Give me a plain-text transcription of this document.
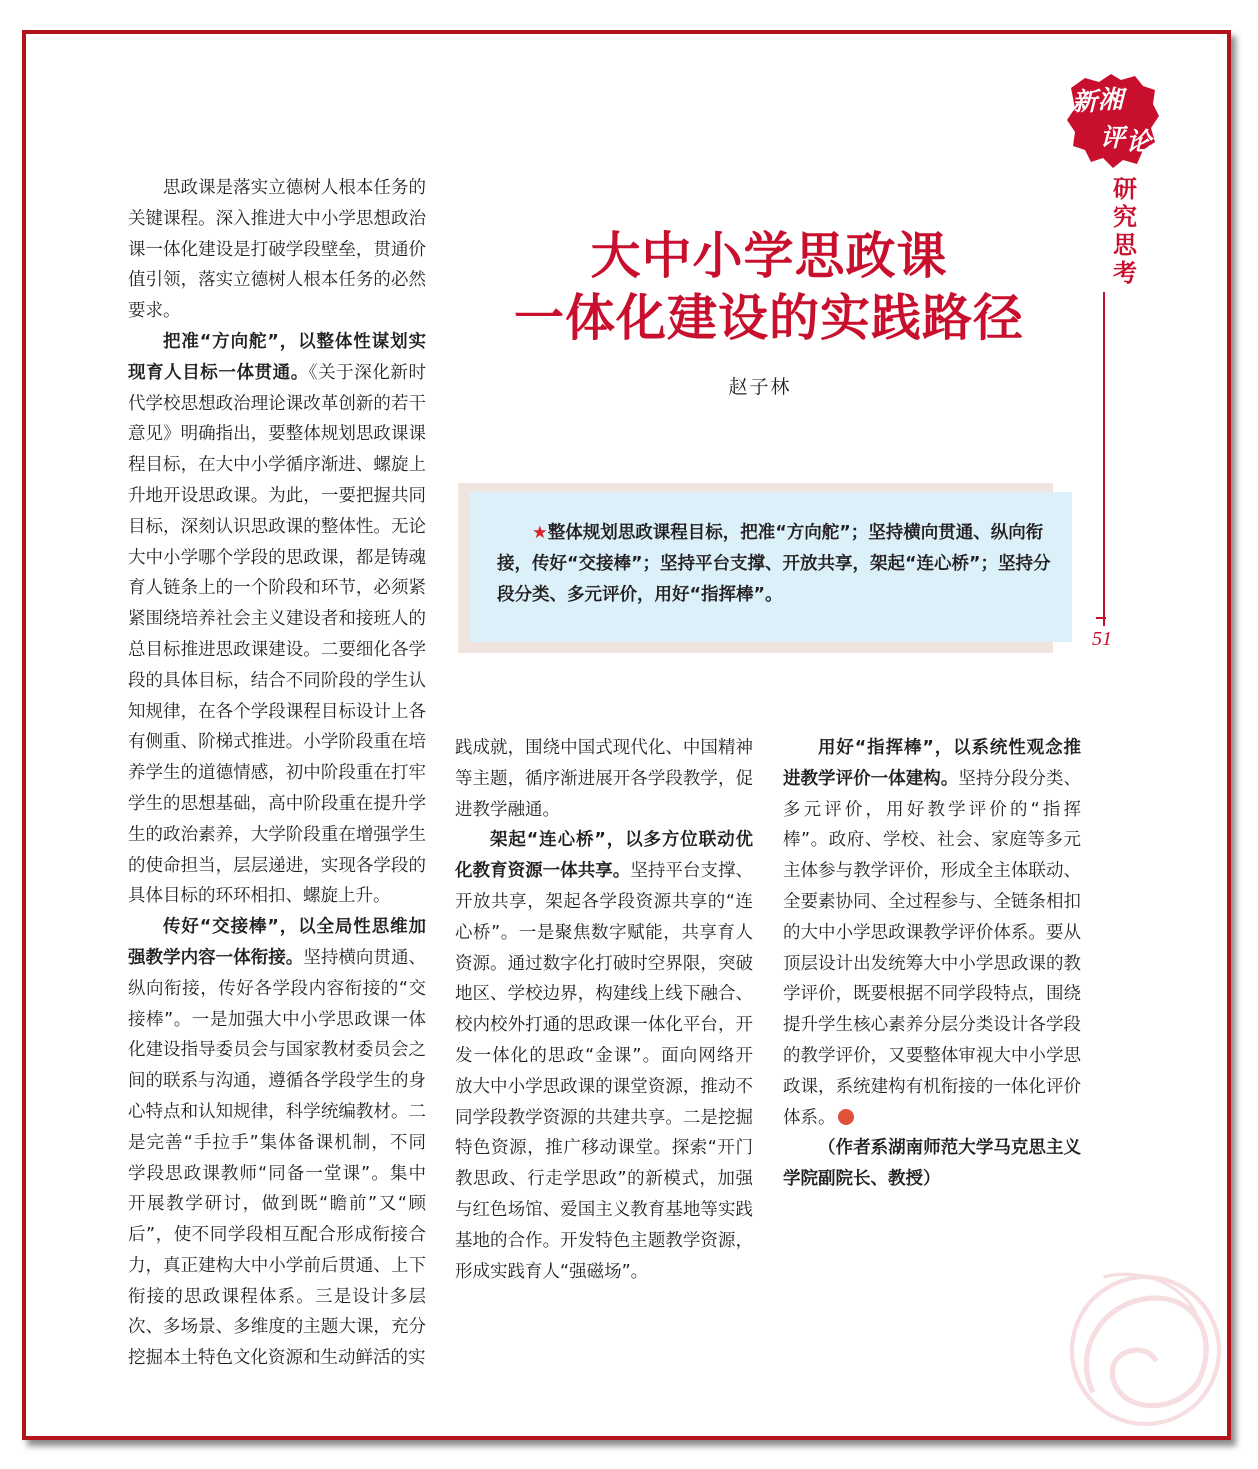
新 湘
评 论
研究思考
51
大中小学思政课
一体化建设的实践路径
赵子林
★整体规划思政课程目标，把准“方向舵”；坚持横向贯通、纵向衔接，传好“交接棒”；坚持平台支撑、开放共享，架起“连心桥”；坚持分段分类、多元评价，用好“指挥棒”。

思政课是落实立德树人根本任务的关键课程。深入推进大中小学思想政治课一体化建设是打破学段壁垒，贯通价值引领，落实立德树人根本任务的必然要求。

把准“方向舵”，以整体性谋划实现育人目标一体贯通。《关于深化新时代学校思想政治理论课改革创新的若干意见》明确指出，要整体规划思政课课程目标，在大中小学循序渐进、螺旋上升地开设思政课。为此，一要把握共同目标，深刻认识思政课的整体性。无论大中小学哪个学段的思政课，都是铸魂育人链条上的一个阶段和环节，必须紧紧围绕培养社会主义建设者和接班人的总目标推进思政课建设。二要细化各学段的具体目标，结合不同阶段的学生认知规律，在各个学段课程目标设计上各有侧重、阶梯式推进。小学阶段重在培养学生的道德情感，初中阶段重在打牢学生的思想基础，高中阶段重在提升学生的政治素养，大学阶段重在增强学生的使命担当，层层递进，实现各学段的具体目标的环环相扣、螺旋上升。

传好“交接棒”，以全局性思维加强教学内容一体衔接。坚持横向贯通、纵向衔接，传好各学段内容衔接的“交接棒”。一是加强大中小学思政课一体化建设指导委员会与国家教材委员会之间的联系与沟通，遵循各学段学生的身心特点和认知规律，科学统编教材。二是完善“手拉手”集体备课机制，不同学段思政课教师“同备一堂课”。集中开展教学研讨，做到既“瞻前”又“顾后”，使不同学段相互配合形成衔接合力，真正建构大中小学前后贯通、上下衔接的思政课程体系。三是设计多层次、多场景、多维度的主题大课，充分挖掘本土特色文化资源和生动鲜活的实

践成就，围绕中国式现代化、中国精神等主题，循序渐进展开各学段教学，促进教学融通。

架起“连心桥”，以多方位联动优化教育资源一体共享。坚持平台支撑、开放共享，架起各学段资源共享的“连心桥”。一是聚焦数字赋能，共享育人资源。通过数字化打破时空界限，突破地区、学校边界，构建线上线下融合、校内校外打通的思政课一体化平台，开发一体化的思政“金课”。面向网络开放大中小学思政课的课堂资源，推动不同学段教学资源的共建共享。二是挖掘特色资源，推广移动课堂。探索“开门教思政、行走学思政”的新模式，加强与红色场馆、爱国主义教育基地等实践基地的合作。开发特色主题教学资源，形成实践育人“强磁场”。

用好“指挥棒”，以系统性观念推进教学评价一体建构。坚持分段分类、多元评价，用好教学评价的“指挥棒”。政府、学校、社会、家庭等多元主体参与教学评价，形成全主体联动、全要素协同、全过程参与、全链条相扣的大中小学思政课教学评价体系。要从顶层设计出发统筹大中小学思政课的教学评价，既要根据不同学段特点，围绕提升学生核心素养分层分类设计各学段的教学评价，又要整体审视大中小学思政课，系统建构有机衔接的一体化评价体系。

（作者系湖南师范大学马克思主义学院副院长、教授）
